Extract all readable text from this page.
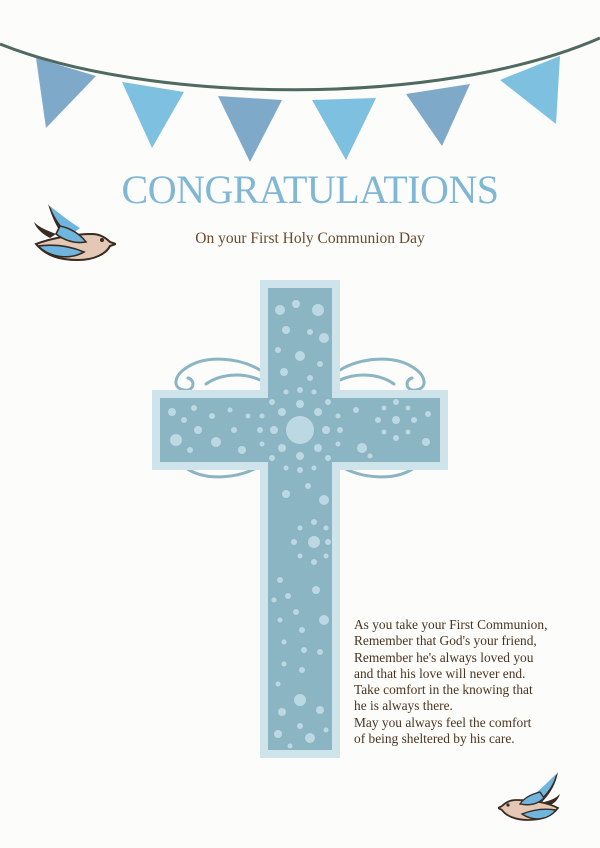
CONGRATULATIONS
On your First Holy Communion Day
As you take your First Communion,
Remember that God's your friend,
Remember he's always loved you
and that his love will never end.
Take comfort in the knowing that
he is always there.
May you always feel the comfort
of being sheltered by his care.
